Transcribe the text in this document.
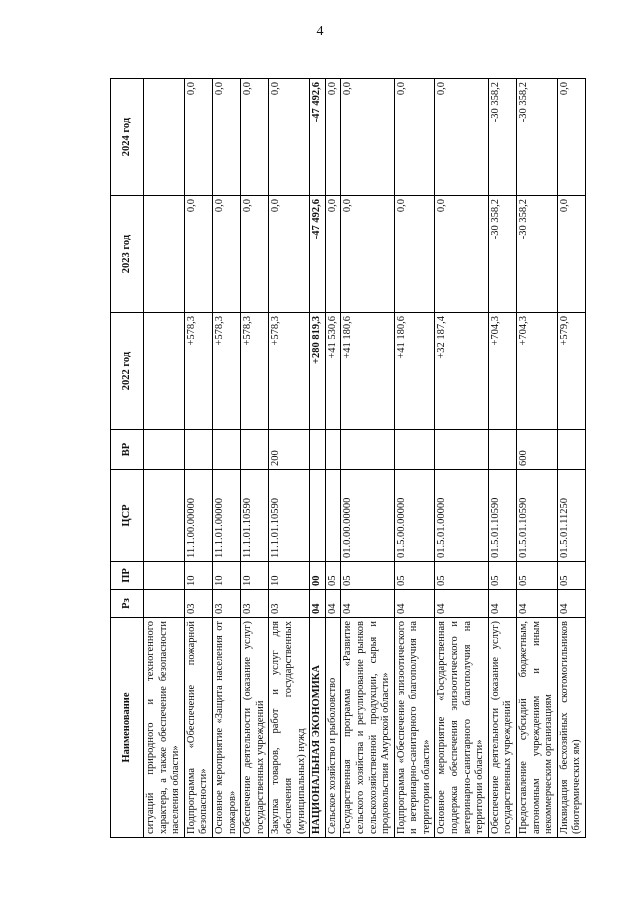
4
Наименование	Рз	ПР	ЦСР	ВР	2022 год	2023 год	2024 год
ситуаций природного и техногенного характера, а также обеспечение безопасности населения области»							
Подпрограмма «Обеспечение пожарной безопасности»	03	10	11.1.00.00000		+578,3	0,0	0,0
Основное мероприятие «Защита населения от пожаров»	03	10	11.1.01.00000		+578,3	0,0	0,0
Обеспечение деятельности (оказание услуг) государственных учреждений	03	10	11.1.01.10590		+578,3	0,0	0,0
Закупка товаров, работ и услуг для обеспечения государственных (муниципальных) нужд	03	10	11.1.01.10590	200	+578,3	0,0	0,0
НАЦИОНАЛЬНАЯ ЭКОНОМИКА	04	00			+280 819,3	-47 492,6	-47 492,6
Сельское хозяйство и рыболовство	04	05			+41 530,6	0,0	0,0
Государственная программа «Развитие сельского хозяйства и регулирование рынков сельскохозяйственной продукции, сырья и продовольствия Амурской области»	04	05	01.0.00.00000		+41 180,6	0,0	0,0
Подпрограмма «Обеспечение эпизоотического и ветеринарно-санитарного благополучия на территории области»	04	05	01.5.00.00000		+41 180,6	0,0	0,0
Основное мероприятие «Государственная поддержка обеспечения эпизоотического и ветеринарно-санитарного благополучия на территории области»	04	05	01.5.01.00000		+32 187,4	0,0	0,0
Обеспечение деятельности (оказание услуг) государственных учреждений	04	05	01.5.01.10590		+704,3	-30 358,2	-30 358,2
Предоставление субсидий бюджетным, автономным учреждениям и иным некоммерческим организациям	04	05	01.5.01.10590	600	+704,3	-30 358,2	-30 358,2
Ликвидация бесхозяйных скотомогильников (биотермических ям)	04	05	01.5.01.11250		+579,0	0,0	0,0
